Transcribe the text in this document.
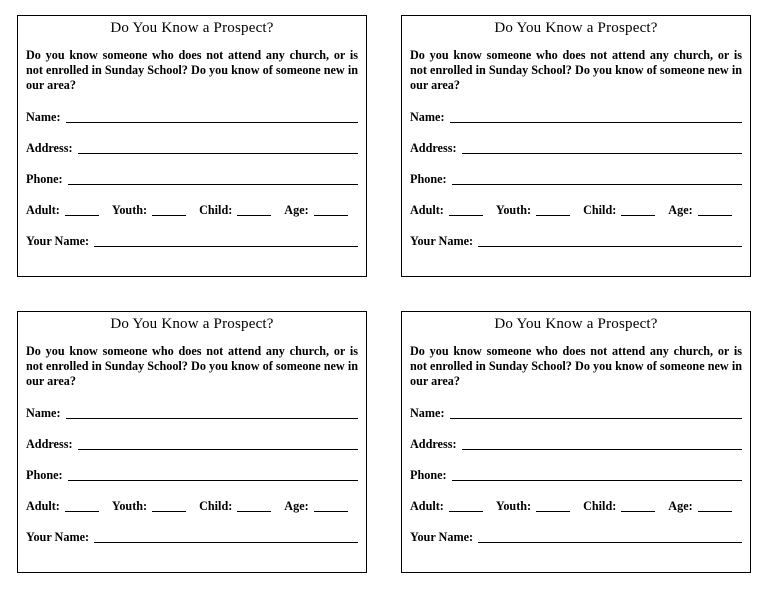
Do You Know a Prospect?
Do you know someone who does not attend any church, or is not enrolled in Sunday School? Do you know of someone new in our area?
Name:
Address:
Phone:
Adult:	Youth:	Child:	Age:
Your Name:
Do You Know a Prospect?
Do you know someone who does not attend any church, or is not enrolled in Sunday School? Do you know of someone new in our area?
Name:
Address:
Phone:
Adult:	Youth:	Child:	Age:
Your Name:
Do You Know a Prospect?
Do you know someone who does not attend any church, or is not enrolled in Sunday School? Do you know of someone new in our area?
Name:
Address:
Phone:
Adult:	Youth:	Child:	Age:
Your Name:
Do You Know a Prospect?
Do you know someone who does not attend any church, or is not enrolled in Sunday School? Do you know of someone new in our area?
Name:
Address:
Phone:
Adult:	Youth:	Child:	Age:
Your Name:
